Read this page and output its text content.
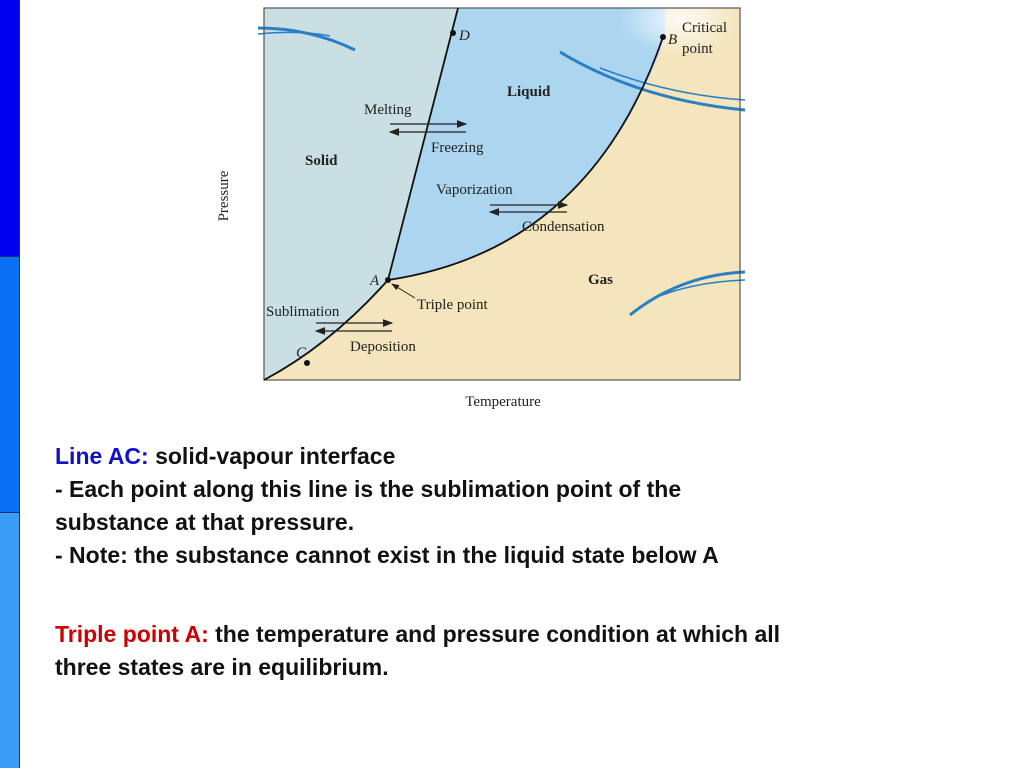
A
B
C
D	Critical
point
Solid
Liquid
Gas
Melting
Freezing
Vaporization
Condensation
Triple point
Sublimation
Deposition
Temperature
Pressure
Line AC: solid-vapour interface
- Each point along this line is the sublimation point of the
substance at that pressure.
- Note: the substance cannot exist in the liquid state below A
Triple point A: the temperature and pressure condition at which all
three states are in equilibrium.
